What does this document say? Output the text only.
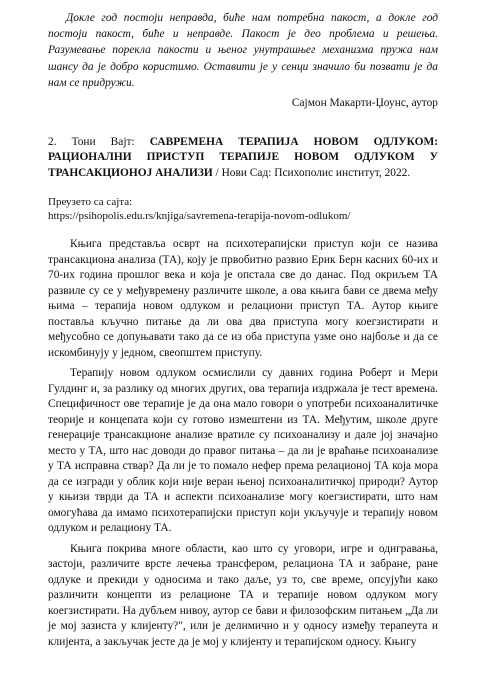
Докле год постоји неправда, биће нам потребна пакост, а докле год постоји пакост, биће и неправде. Пакост је део проблема и решења. Разумевање порекла пакости и њеног унутрашњег механизма пружа нам шансу да је добро користимо. Оставити је у сенци значило би позвати је да нам се придружи.

Сајмон Макарти-Џоунс, аутор

2. Тони Вајт: САВРЕМЕНА ТЕРАПИЈА НОВОМ ОДЛУКОМ: РАЦИОНАЛНИ ПРИСТУП ТЕРАПИЈЕ НОВОМ ОДЛУКОМ У ТРАНСАКЦИОНОЈ АНАЛИЗИ / Нови Сад: Психополис институт, 2022.
Преузето са сајта:
https://psihopolis.edu.rs/knjiga/savremena-terapija-novom-odlukom/

Књига представља осврт на психотерапијски приступ који се назива трансакциона анализа (ТА), коју је првобитно развио Ерик Берн касних 60-их и 70-их година прошлог века и која је опстала све до данас. Под окриљем ТА развиле су се у међувремену различите школе, а ова књига бави се двема међу њима – терапија новом одлуком и релациони приступ ТА. Аутор књиге поставља кључно питање да ли ова два приступа могу коегзистирати и међусобно се допуњавати тако да се из оба приступа узме оно најбоље и да се искомбинују у једном, свеопштем приступу.

Терапију новом одлуком осмислили су давних година Роберт и Мери Гулдинг и, за разлику од многих других, ова терапија издржала је тест времена. Специфичност ове терапије је да она мало говори о употреби психоаналитичке теорије и концепата који су готово измештени из ТА. Међутим, школе друге генерације трансакционе анализе вратиле су психоанализу и дале јој значајно место у ТА, што нас доводи до правог питања – да ли је враћање психоанализе у ТА исправна ствар? Да ли је то помало нефер према релационој ТА која мора да се изгради у облик који није веран њеној психоаналитичкој природи? Аутор у књизи тврди да ТА и аспекти психоанализе могу коегзистирати, што нам омогућава да имамо психотерапијски приступ који укључује и терапију новом одлуком и релациону ТА.

Књига покрива многе области, као што су уговори, игре и одигравања, застоји, различите врсте лечења трансфером, релациона ТА и забране, ране одлуке и прекиди у односима и тако даље, уз то, све време, опсујући како различити концепти из релационе ТА и терапије новом одлуком могу коегзистирати. На дубљем нивоу, аутор се бави и филозофским питањем „Да ли је мој зазиста у клијенту?", или је делимично и у односу између терапеута и клијента, а закључак јесте да је мој у клијенту и терапијском односу. Књигу
